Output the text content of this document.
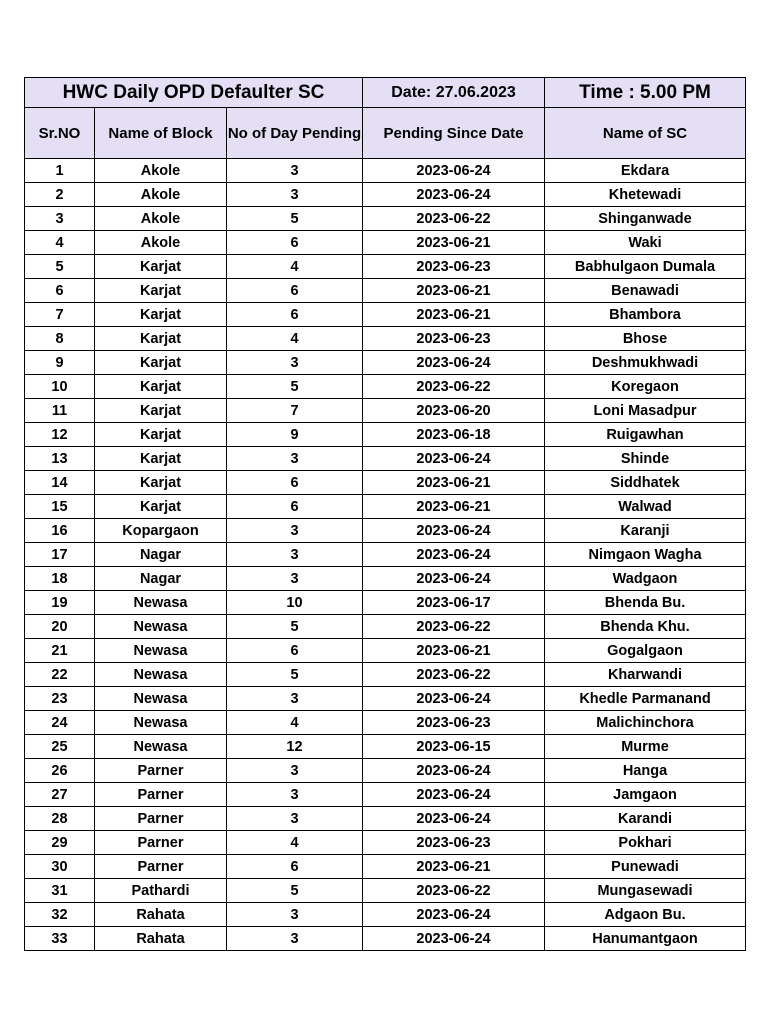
HWC Daily OPD Defaulter SC			Date: 27.06.2023	Time : 5.00 PM
Sr.NO	Name of Block	No of Day Pending	Pending Since Date	Name of SC
1	Akole	3	2023-06-24	Ekdara
2	Akole	3	2023-06-24	Khetewadi
3	Akole	5	2023-06-22	Shinganwade
4	Akole	6	2023-06-21	Waki
5	Karjat	4	2023-06-23	Babhulgaon Dumala
6	Karjat	6	2023-06-21	Benawadi
7	Karjat	6	2023-06-21	Bhambora
8	Karjat	4	2023-06-23	Bhose
9	Karjat	3	2023-06-24	Deshmukhwadi
10	Karjat	5	2023-06-22	Koregaon
11	Karjat	7	2023-06-20	Loni Masadpur
12	Karjat	9	2023-06-18	Ruigawhan
13	Karjat	3	2023-06-24	Shinde
14	Karjat	6	2023-06-21	Siddhatek
15	Karjat	6	2023-06-21	Walwad
16	Kopargaon	3	2023-06-24	Karanji
17	Nagar	3	2023-06-24	Nimgaon Wagha
18	Nagar	3	2023-06-24	Wadgaon
19	Newasa	10	2023-06-17	Bhenda Bu.
20	Newasa	5	2023-06-22	Bhenda Khu.
21	Newasa	6	2023-06-21	Gogalgaon
22	Newasa	5	2023-06-22	Kharwandi
23	Newasa	3	2023-06-24	Khedle Parmanand
24	Newasa	4	2023-06-23	Malichinchora
25	Newasa	12	2023-06-15	Murme
26	Parner	3	2023-06-24	Hanga
27	Parner	3	2023-06-24	Jamgaon
28	Parner	3	2023-06-24	Karandi
29	Parner	4	2023-06-23	Pokhari
30	Parner	6	2023-06-21	Punewadi
31	Pathardi	5	2023-06-22	Mungasewadi
32	Rahata	3	2023-06-24	Adgaon Bu.
33	Rahata	3	2023-06-24	Hanumantgaon
